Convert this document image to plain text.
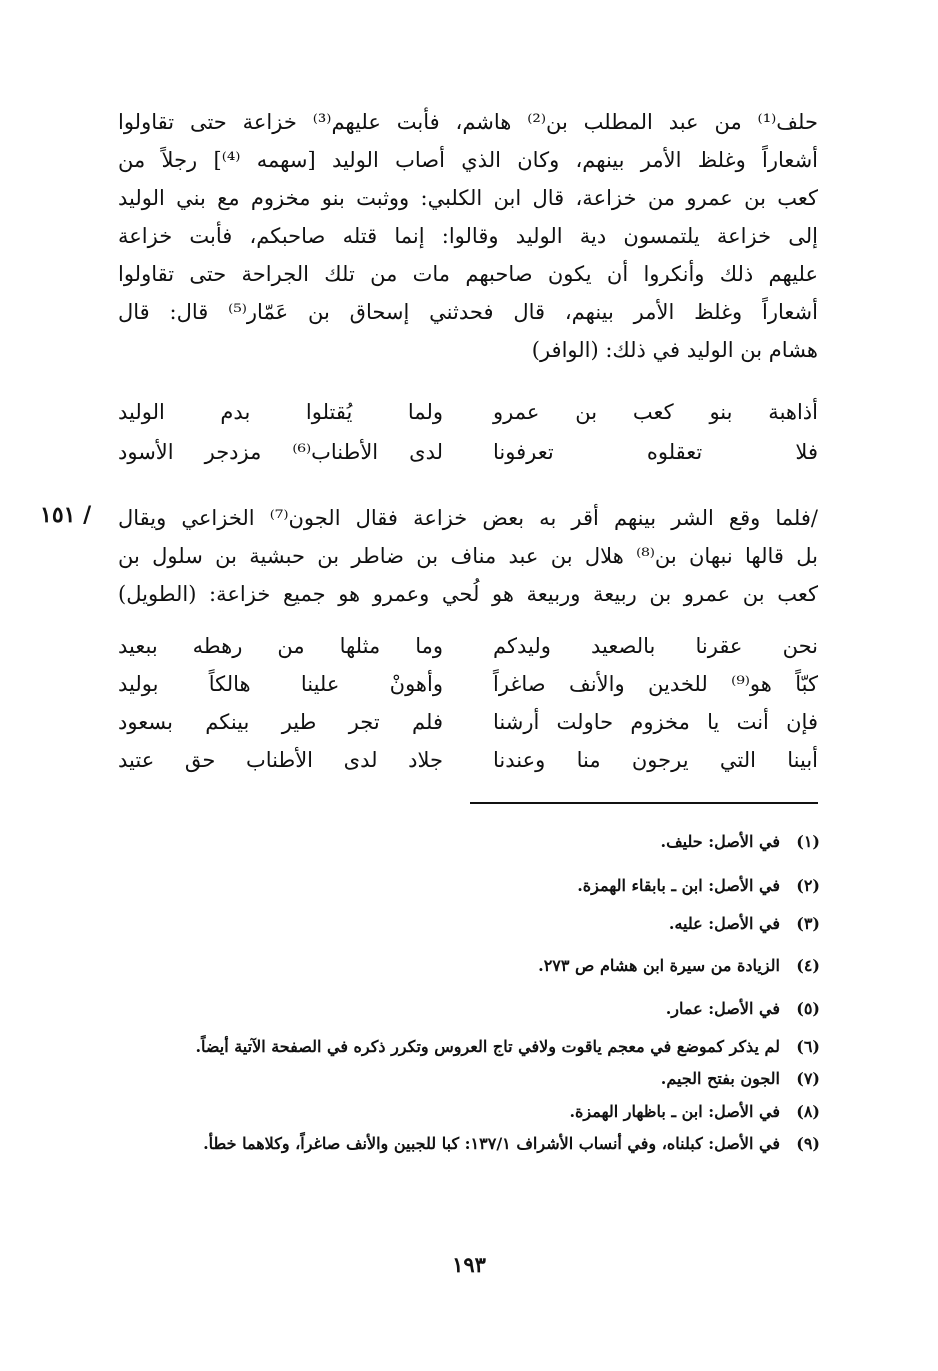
حلف⁽¹⁾ من عبد المطلب بن⁽²⁾ هاشم، فأبت عليهم⁽³⁾ خزاعة حتى تقاولوا
أشعاراً وغلظ الأمر بينهم، وكان الذي أصاب الوليد [سهمه ⁽⁴⁾] رجلاً من
كعب بن عمرو من خزاعة، قال ابن الكلبي: ووثبت بنو مخزوم مع بني الوليد
إلى خزاعة يلتمسون دية الوليد وقالوا: إنما قتله صاحبكم، فأبت خزاعة
عليهم ذلك وأنكروا أن يكون صاحبهم مات من تلك الجراحة حتى تقاولوا
أشعاراً وغلظ الأمر بينهم، قال فحدثني إسحاق بن عَمّار⁽⁵⁾ قال: قال
هشام بن الوليد في ذلك: (الوافر)
أذاهبة بنو كعب بن عمرو
ولما يُقتلوا بدم الوليد
فلا تعقلوه تعرفونا
لدى الأطناب⁽⁶⁾ مزدجر الأسود
/ ١٥١ /فلما وقع الشر بينهم أقر به بعض خزاعة فقال الجون⁽⁷⁾ الخزاعي ويقال
بل قالها نبهان بن⁽⁸⁾ هلال بن عبد مناف بن ضاطر بن حبشية بن سلول بن
كعب بن عمرو بن ربيعة وربيعة هو لُحي وعمرو هو جميع خزاعة: (الطويل)
نحن عقرنا بالصعيد وليدكم
وما مثلها من رهطه ببعيد
كبّاً هو⁽⁹⁾ للخدين والأنف صاغراً
وأهونْ علينا هالكاً بوليد
فإن أنت يا مخزوم حاولت أرشنا
فلم تجر طير بينكم بسعود
أبينا التي يرجون منا وعندنا
جلاد لدى الأطناب حق عتيد
(١)في الأصل: حليف.
(٢)في الأصل: ابن ـ بابقاء الهمزة.
(٣)في الأصل: عليه.
(٤)الزيادة من سيرة ابن هشام ص ٢٧٣.
(٥)في الأصل: عمار.
(٦)لم يذكر كموضع في معجم ياقوت ولافي تاج العروس وتكرر ذكره في الصفحة الآتية أيضاً.
(٧)الجون بفتح الجيم.
(٨)في الأصل: ابن ـ باظهار الهمزة.
(٩)في الأصل: كبلناه، وفي أنساب الأشراف ١٣٧/١: كبا للجبين والأنف صاغراً، وكلاهما خطأ.
١٩٣
